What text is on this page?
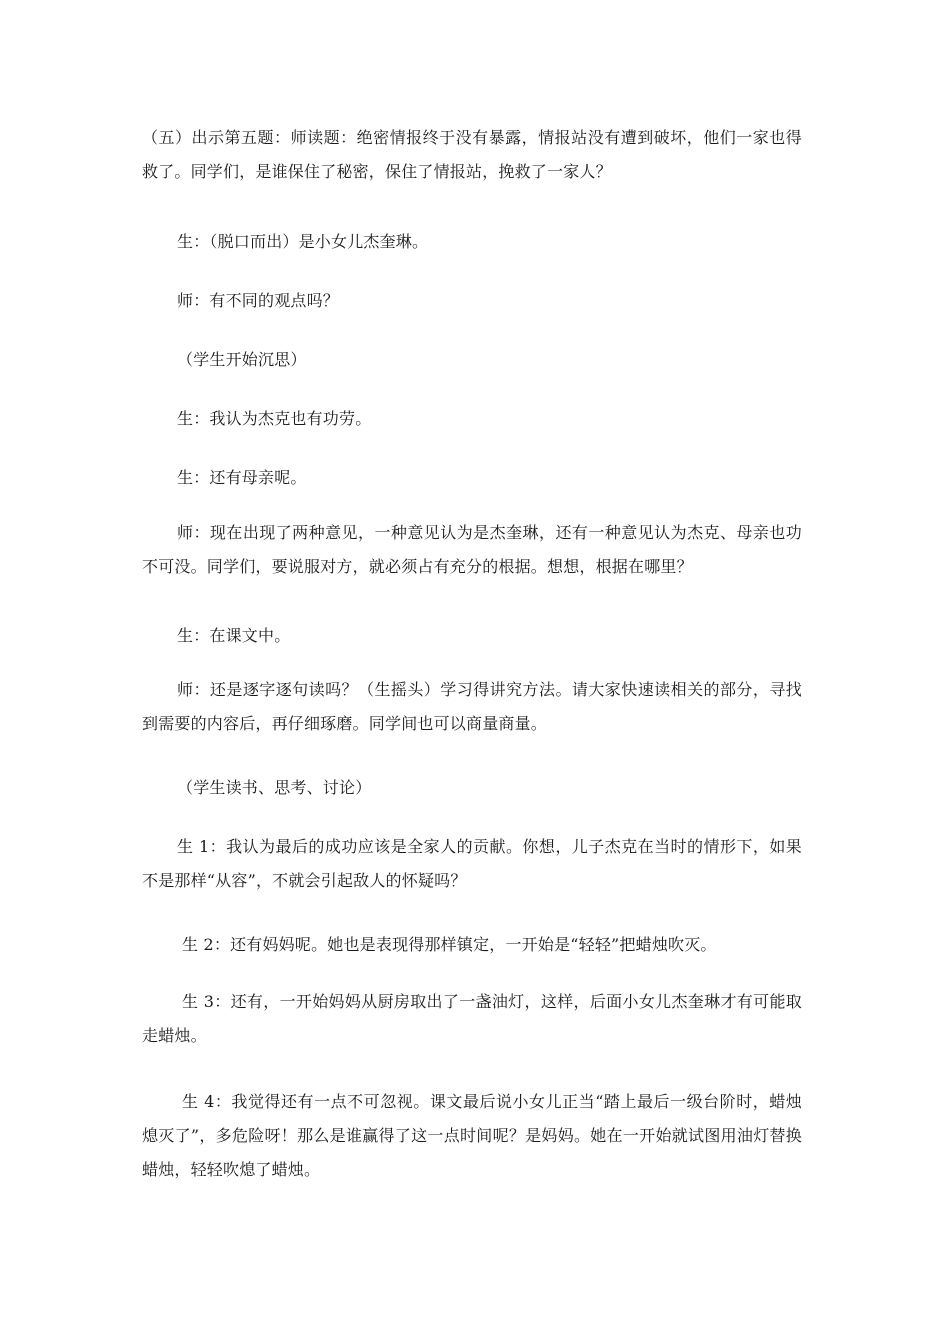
（五）出示第五题：师读题：绝密情报终于没有暴露，情报站没有遭到破坏，他们一家也得救了。同学们，是谁保住了秘密，保住了情报站，挽救了一家人？

生：（脱口而出）是小女儿杰奎琳。

师：有不同的观点吗？

（学生开始沉思）

生：我认为杰克也有功劳。

生：还有母亲呢。

师：现在出现了两种意见，一种意见认为是杰奎琳，还有一种意见认为杰克、母亲也功不可没。同学们，要说服对方，就必须占有充分的根据。想想，根据在哪里？

生：在课文中。

师：还是逐字逐句读吗？（生摇头）学习得讲究方法。请大家快速读相关的部分，寻找到需要的内容后，再仔细琢磨。同学间也可以商量商量。

（学生读书、思考、讨论）

生 1：我认为最后的成功应该是全家人的贡献。你想，儿子杰克在当时的情形下，如果不是那样“从容”，不就会引起敌人的怀疑吗？

生 2：还有妈妈呢。她也是表现得那样镇定，一开始是“轻轻”把蜡烛吹灭。

生 3：还有，一开始妈妈从厨房取出了一盏油灯，这样，后面小女儿杰奎琳才有可能取走蜡烛。

生 4：我觉得还有一点不可忽视。课文最后说小女儿正当“踏上最后一级台阶时，蜡烛熄灭了”，多危险呀！那么是谁赢得了这一点时间呢？是妈妈。她在一开始就试图用油灯替换蜡烛，轻轻吹熄了蜡烛。
